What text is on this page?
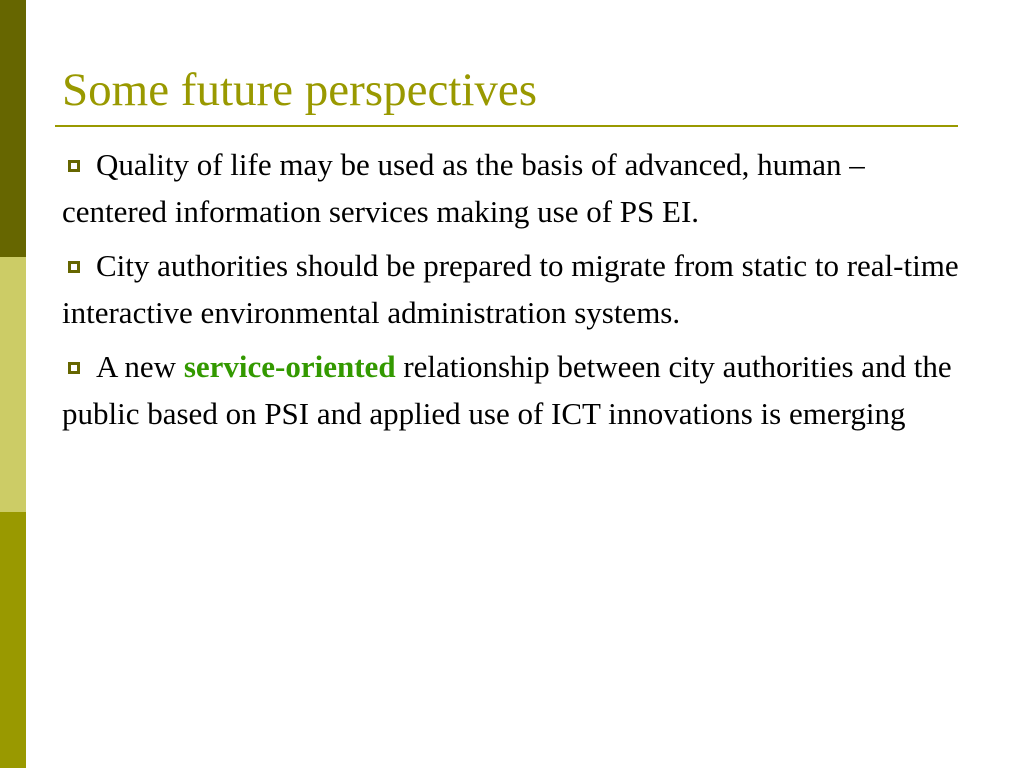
Some future perspectives
Quality of life may be used as the basis of advanced, human –centered information services making use of PS EI.
City authorities should be prepared to migrate from static to real-time interactive environmental administration systems.
A new service-oriented relationship between city authorities and the public based on PSI and applied use of ICT innovations is emerging
